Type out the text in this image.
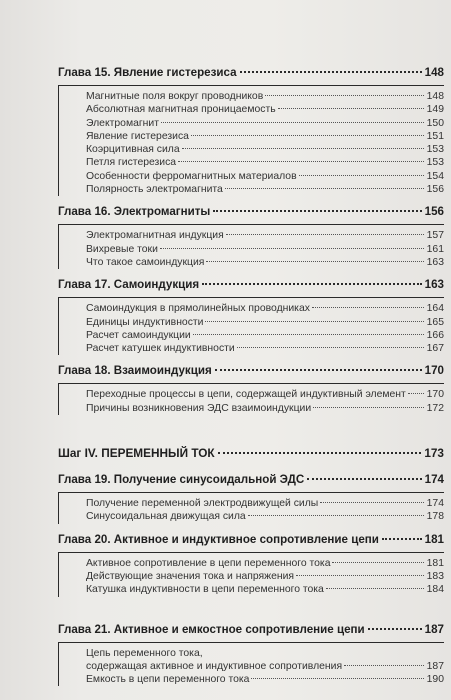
Глава 15. Явление гистерезиса	148
Магнитные поля вокруг проводников	148
Абсолютная магнитная проницаемость	149
Электромагнит	150
Явление гистерезиса	151
Коэрцитивная сила	153
Петля гистерезиса	153
Особенности ферромагнитных материалов	154
Полярность электромагнита	156
Глава 16. Электромагниты	156
Электромагнитная индукция	157
Вихревые токи	161
Что такое самоиндукция	163
Глава 17. Самоиндукция	163
Самоиндукция в прямолинейных проводниках	164
Единицы индуктивности	165
Расчет самоиндукции	166
Расчет катушек индуктивности	167
Глава 18. Взаимоиндукция	170
Переходные процессы в цепи, содержащей индуктивный элемент 170
Причины возникновения ЭДС взаимоиндукции	172
Шаг IV. ПЕРЕМЕННЫЙ ТОК	173
Глава 19. Получение синусоидальной ЭДС	174
Получение переменной электродвижущей силы	174
Синусоидальная движущая сила	178
Глава 20. Активное и индуктивное сопротивление цепи	181
Активное сопротивление в цепи переменного тока	181
Действующие значения тока и напряжения	183
Катушка индуктивности в цепи переменного тока	184
Глава 21. Активное и емкостное сопротивление цепи	187
Цепь переменного тока,
содержащая активное и индуктивное сопротивления	187
Емкость в цепи переменного тока	190
